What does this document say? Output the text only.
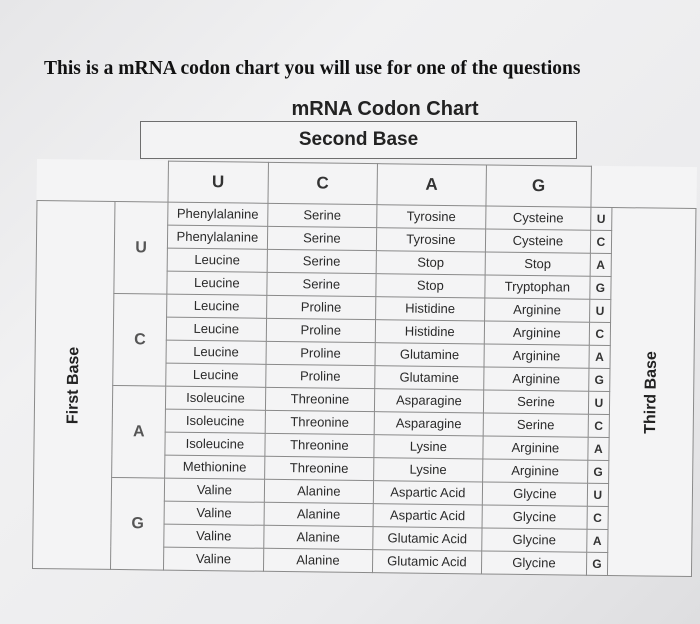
This is a mRNA codon chart you will use for one of the questions
mRNA Codon Chart
Second Base
		U	C	A	G		
First Base	U	Phenylalanine	Serine	Tyrosine	Cysteine	U	Third Base
		Phenylalanine	Serine	Tyrosine	Cysteine	C	
		Leucine	Serine	Stop	Stop	A	
		Leucine	Serine	Stop	Tryptophan	G	
	C	Leucine	Proline	Histidine	Arginine	U	
		Leucine	Proline	Histidine	Arginine	C	
		Leucine	Proline	Glutamine	Arginine	A	
		Leucine	Proline	Glutamine	Arginine	G	
	A	Isoleucine	Threonine	Asparagine	Serine	U	
		Isoleucine	Threonine	Asparagine	Serine	C	
		Isoleucine	Threonine	Lysine	Arginine	A	
		Methionine	Threonine	Lysine	Arginine	G	
	G	Valine	Alanine	Aspartic Acid	Glycine	U	
		Valine	Alanine	Aspartic Acid	Glycine	C	
		Valine	Alanine	Glutamic Acid	Glycine	A	
		Valine	Alanine	Glutamic Acid	Glycine	G	
